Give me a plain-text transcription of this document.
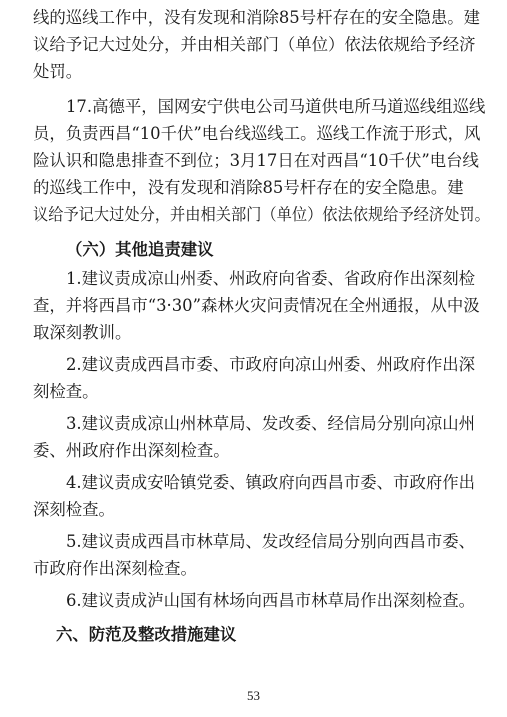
线的巡线工作中，没有发现和消除85号杆存在的安全隐患。建
议给予记大过处分，并由相关部门（单位）依法依规给予经济
处罚。
17.高德平，国网安宁供电公司马道供电所马道巡线组巡线
员，负责西昌“10千伏”电台线巡线工。巡线工作流于形式，风
险认识和隐患排查不到位；3月17日在对西昌“10千伏”电台线
的巡线工作中，没有发现和消除85号杆存在的安全隐患。建
议给予记大过处分，并由相关部门（单位）依法依规给予经济处罚。
（六）其他追责建议
1.建议责成凉山州委、州政府向省委、省政府作出深刻检
查，并将西昌市“3·30”森林火灾问责情况在全州通报，从中汲
取深刻教训。
2.建议责成西昌市委、市政府向凉山州委、州政府作出深
刻检查。
3.建议责成凉山州林草局、发改委、经信局分别向凉山州
委、州政府作出深刻检查。
4.建议责成安哈镇党委、镇政府向西昌市委、市政府作出
深刻检查。
5.建议责成西昌市林草局、发改经信局分别向西昌市委、
市政府作出深刻检查。
6.建议责成泸山国有林场向西昌市林草局作出深刻检查。
六、防范及整改措施建议
53
